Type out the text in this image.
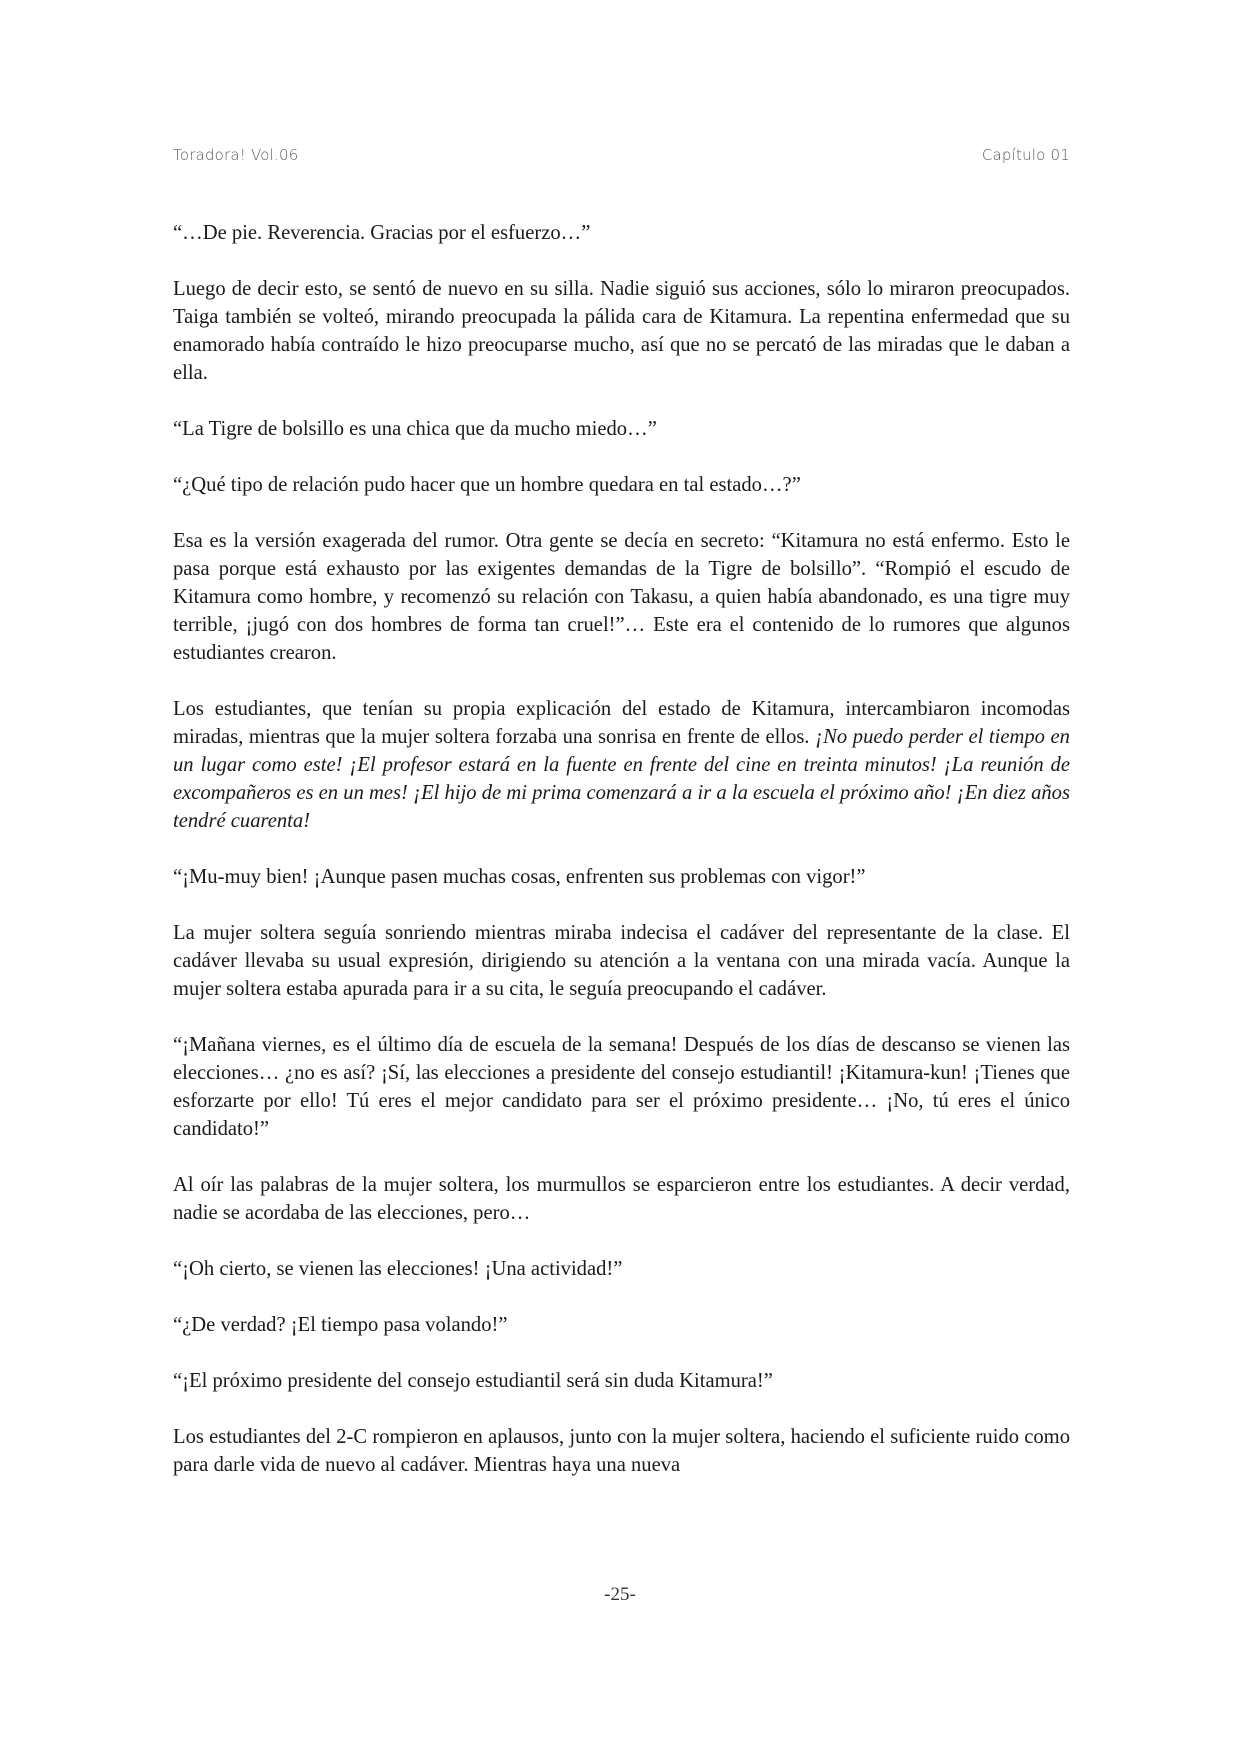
Toradora! Vol.06	Capítulo 01

“…De pie. Reverencia. Gracias por el esfuerzo…”

Luego de decir esto, se sentó de nuevo en su silla. Nadie siguió sus acciones, sólo lo miraron preocupados. Taiga también se volteó, mirando preocupada la pálida cara de Kitamura. La repentina enfermedad que su enamorado había contraído le hizo preocuparse mucho, así que no se percató de las miradas que le daban a ella.

“La Tigre de bolsillo es una chica que da mucho miedo…”

“¿Qué tipo de relación pudo hacer que un hombre quedara en tal estado…?”

Esa es la versión exagerada del rumor. Otra gente se decía en secreto: “Kitamura no está enfermo. Esto le pasa porque está exhausto por las exigentes demandas de la Tigre de bolsillo”. “Rompió el escudo de Kitamura como hombre, y recomenzó su relación con Takasu, a quien había abandonado, es una tigre muy terrible, ¡jugó con dos hombres de forma tan cruel!”… Este era el contenido de lo rumores que algunos estudiantes crearon.

Los estudiantes, que tenían su propia explicación del estado de Kitamura, intercambiaron incomodas miradas, mientras que la mujer soltera forzaba una sonrisa en frente de ellos. ¡No puedo perder el tiempo en un lugar como este! ¡El profesor estará en la fuente en frente del cine en treinta minutos! ¡La reunión de excompañeros es en un mes! ¡El hijo de mi prima comenzará a ir a la escuela el próximo año! ¡En diez años tendré cuarenta!

“¡Mu-muy bien! ¡Aunque pasen muchas cosas, enfrenten sus problemas con vigor!”

La mujer soltera seguía sonriendo mientras miraba indecisa el cadáver del representante de la clase. El cadáver llevaba su usual expresión, dirigiendo su atención a la ventana con una mirada vacía. Aunque la mujer soltera estaba apurada para ir a su cita, le seguía preocupando el cadáver.

“¡Mañana viernes, es el último día de escuela de la semana! Después de los días de descanso se vienen las elecciones… ¿no es así? ¡Sí, las elecciones a presidente del consejo estudiantil! ¡Kitamura-kun! ¡Tienes que esforzarte por ello! Tú eres el mejor candidato para ser el próximo presidente… ¡No, tú eres el único candidato!”

Al oír las palabras de la mujer soltera, los murmullos se esparcieron entre los estudiantes. A decir verdad, nadie se acordaba de las elecciones, pero…

“¡Oh cierto, se vienen las elecciones! ¡Una actividad!”

“¿De verdad? ¡El tiempo pasa volando!”

“¡El próximo presidente del consejo estudiantil será sin duda Kitamura!”

Los estudiantes del 2-C rompieron en aplausos, junto con la mujer soltera, haciendo el suficiente ruido como para darle vida de nuevo al cadáver. Mientras haya una nueva

-25-
